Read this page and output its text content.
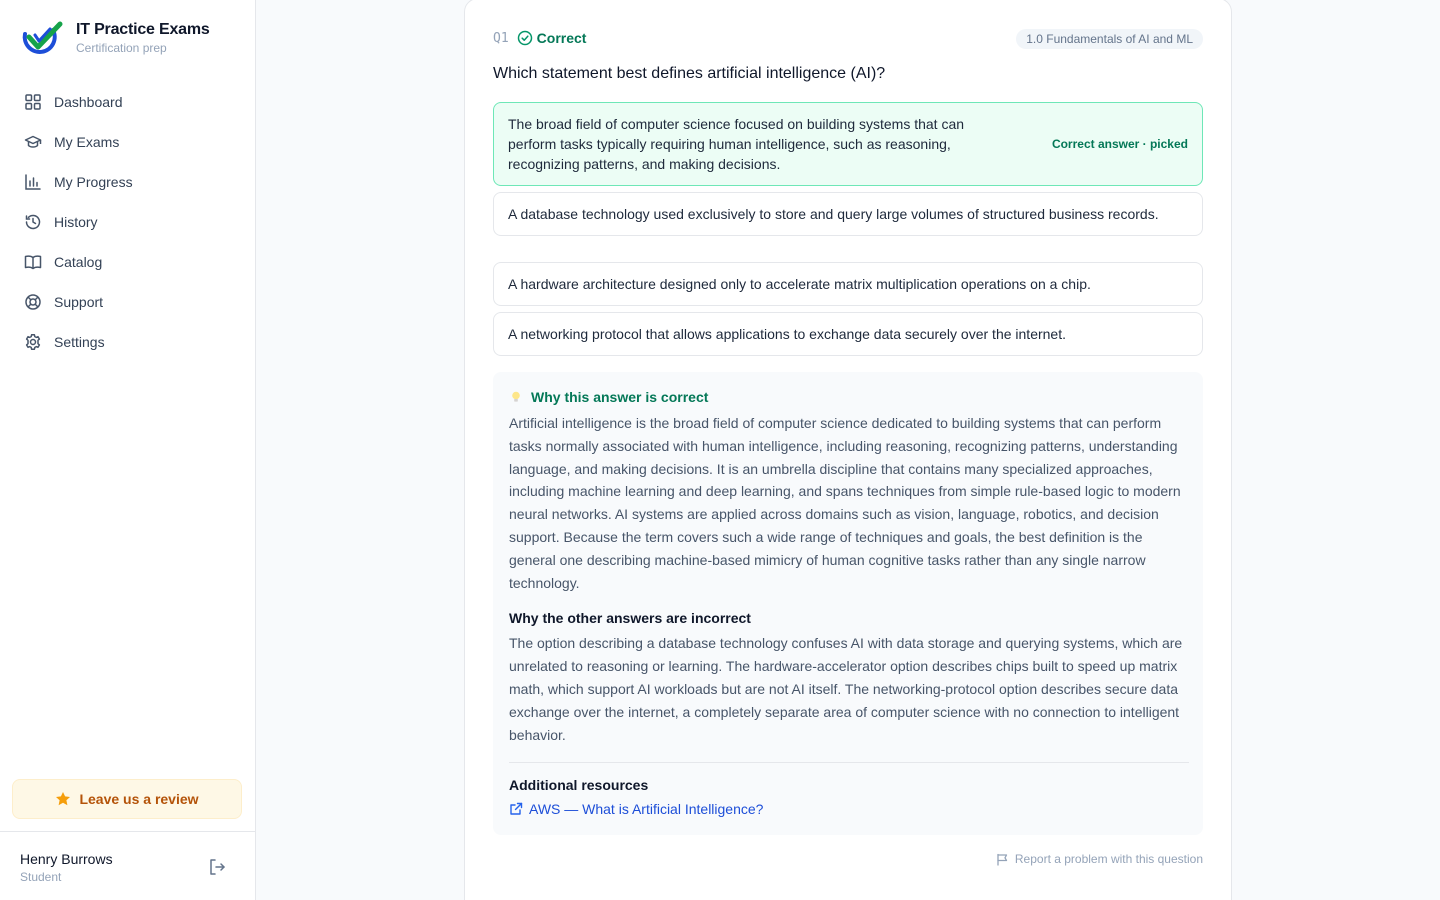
IT Practice Exams
Certification prep
Dashboard
My Exams
My Progress
History
Catalog
Support
Settings
Leave us a review
Henry Burrows
Student
Q1 Correct	1.0 Fundamentals of AI and ML
Which statement best defines artificial intelligence (AI)?
The broad field of computer science focused on building systems that can perform tasks typically requiring human intelligence, such as reasoning, recognizing patterns, and making decisions.
Correct answer · picked
A database technology used exclusively to store and query large volumes of structured business records.
A hardware architecture designed only to accelerate matrix multiplication operations on a chip.
A networking protocol that allows applications to exchange data securely over the internet.
Why this answer is correct

Artificial intelligence is the broad field of computer science dedicated to building systems that can perform tasks normally associated with human intelligence, including reasoning, recognizing patterns, understanding language, and making decisions. It is an umbrella discipline that contains many specialized approaches, including machine learning and deep learning, and spans techniques from simple rule-based logic to modern neural networks. AI systems are applied across domains such as vision, language, robotics, and decision support. Because the term covers such a wide range of techniques and goals, the best definition is the general one describing machine-based mimicry of human cognitive tasks rather than any single narrow technology.

Why the other answers are incorrect

The option describing a database technology confuses AI with data storage and querying systems, which are unrelated to reasoning or learning. The hardware-accelerator option describes chips built to speed up matrix math, which support AI workloads but are not AI itself. The networking-protocol option describes secure data exchange over the internet, a completely separate area of computer science with no connection to intelligent behavior.

Additional resources
AWS — What is Artificial Intelligence?
Report a problem with this question
